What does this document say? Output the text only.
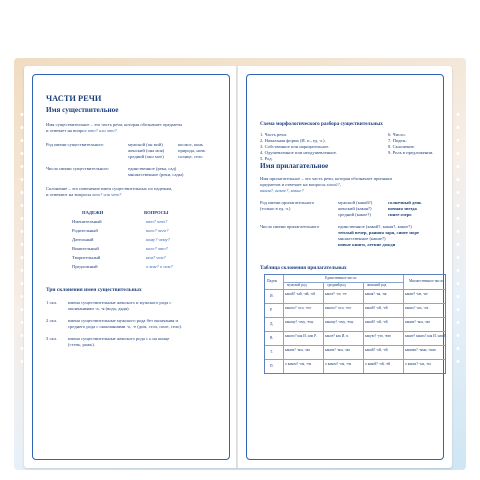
ЧАСТИ РЕЧИ
Имя существительное
Имя существительное – это часть речи, которая обозначает предметы
и отвечает на вопрос кто? или что?
Род имени существительного	мужской (он мой)	космос, конь
женский (она моя)	природа, ночь
средний (оно мое)	солнце, село
Число имени существительного	единственное (река, сад)
множественное (реки, сады)
Склонение – это изменение имен существительных по падежам,
и отвечают на вопросы кто? или что?
ПАДЕЖИ	ВОПРОСЫ
Именительный	кто? что?
Родительный	кого? чего?
Дательный	кому? чему?
Винительный	кого? что?
Творительный	кем? чем?
Предложный	о ком? о чем?
Три склонения имен существительных
1 скл. имена существительные женского и мужского рода с
окончаниями -а, -я (вода, дядя).
2 скл. имена существительные мужского рода без окончания и
среднего рода с окончаниями -о, -е (дом, стол, поле, село).
3 скл. имена существительные женского рода с ь на конце
(степь, рожь).
Схема морфологического разбора существительных
1. Часть речи.
2. Начальная форма (И. п., ед. ч.).
3. Собственное или нарицательное.
4. Одушевленное или неодушевленное.
5. Род.
6. Число.
7. Падеж.
8. Склонение.
9. Роль в предложении.
Имя прилагательное
Имя прилагательное – это часть речи, которая обозначает признаки
предметов и отвечает на вопросы какой?,
какая?, какое?, какие?
Род имени прилагательного
(только в ед. ч.)
мужской (какой?)	солнечный день
женский (какая?)	ночная звезда
средний (какое?)	синее озеро
Число имени прилагательного	единственное (какой?, какая?, какое?)
теплый вечер, ранняя заря, синее море
множественное (какие?)
новые книги, летние дожди
Таблица склонения прилагательных
Падеж
Единственное число
Множественное число
мужской род	средний род	женский род
И.	какой? -ый, -ий, -ой	какое? -ое, -ее	какая? -ая, -яя	какие? -ые, -ие
Р.	какого? -ого, -его	какого? -ого, -его	какой? -ой, -ей	каких? -ых, -их
Д.	какому? -ому, -ему	какому? -ому, -ему	какой? -ой, -ей	каким? -ым, -им
В.	какого? как И. или Р. какое? как И. п.	какую? -ую, -юю	какие? каких? как И. или Р.
Т.	каким? -ым, -им	каким? -ым, -им	какой? -ой, -ей	какими? -ыми, -ими
П.	о каком? -ом, -ем	о каком? -ом, -ем	о какой? -ой, -ей	о каких? -ых, -их
